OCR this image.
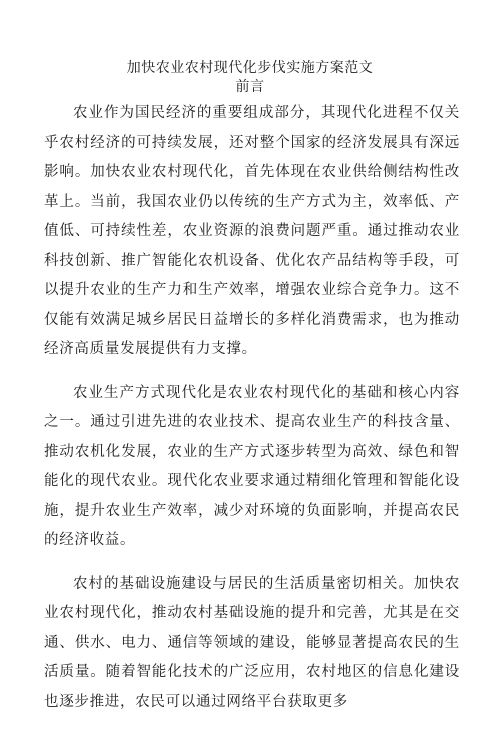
加快农业农村现代化步伐实施方案范文
前言

农业作为国民经济的重要组成部分，其现代化进程不仅关乎农村经济的可持续发展，还对整个国家的经济发展具有深远影响。加快农业农村现代化，首先体现在农业供给侧结构性改革上。当前，我国农业仍以传统的生产方式为主，效率低、产值低、可持续性差，农业资源的浪费问题严重。通过推动农业科技创新、推广智能化农机设备、优化农产品结构等手段，可以提升农业的生产力和生产效率，增强农业综合竞争力。这不仅能有效满足城乡居民日益增长的多样化消费需求，也为推动经济高质量发展提供有力支撑。

农业生产方式现代化是农业农村现代化的基础和核心内容之一。通过引进先进的农业技术、提高农业生产的科技含量、推动农机化发展，农业的生产方式逐步转型为高效、绿色和智能化的现代农业。现代化农业要求通过精细化管理和智能化设施，提升农业生产效率，减少对环境的负面影响，并提高农民的经济收益。

农村的基础设施建设与居民的生活质量密切相关。加快农业农村现代化，推动农村基础设施的提升和完善，尤其是在交通、供水、电力、通信等领域的建设，能够显著提高农民的生活质量。随着智能化技术的广泛应用，农村地区的信息化建设也逐步推进，农民可以通过网络平台获取更多
